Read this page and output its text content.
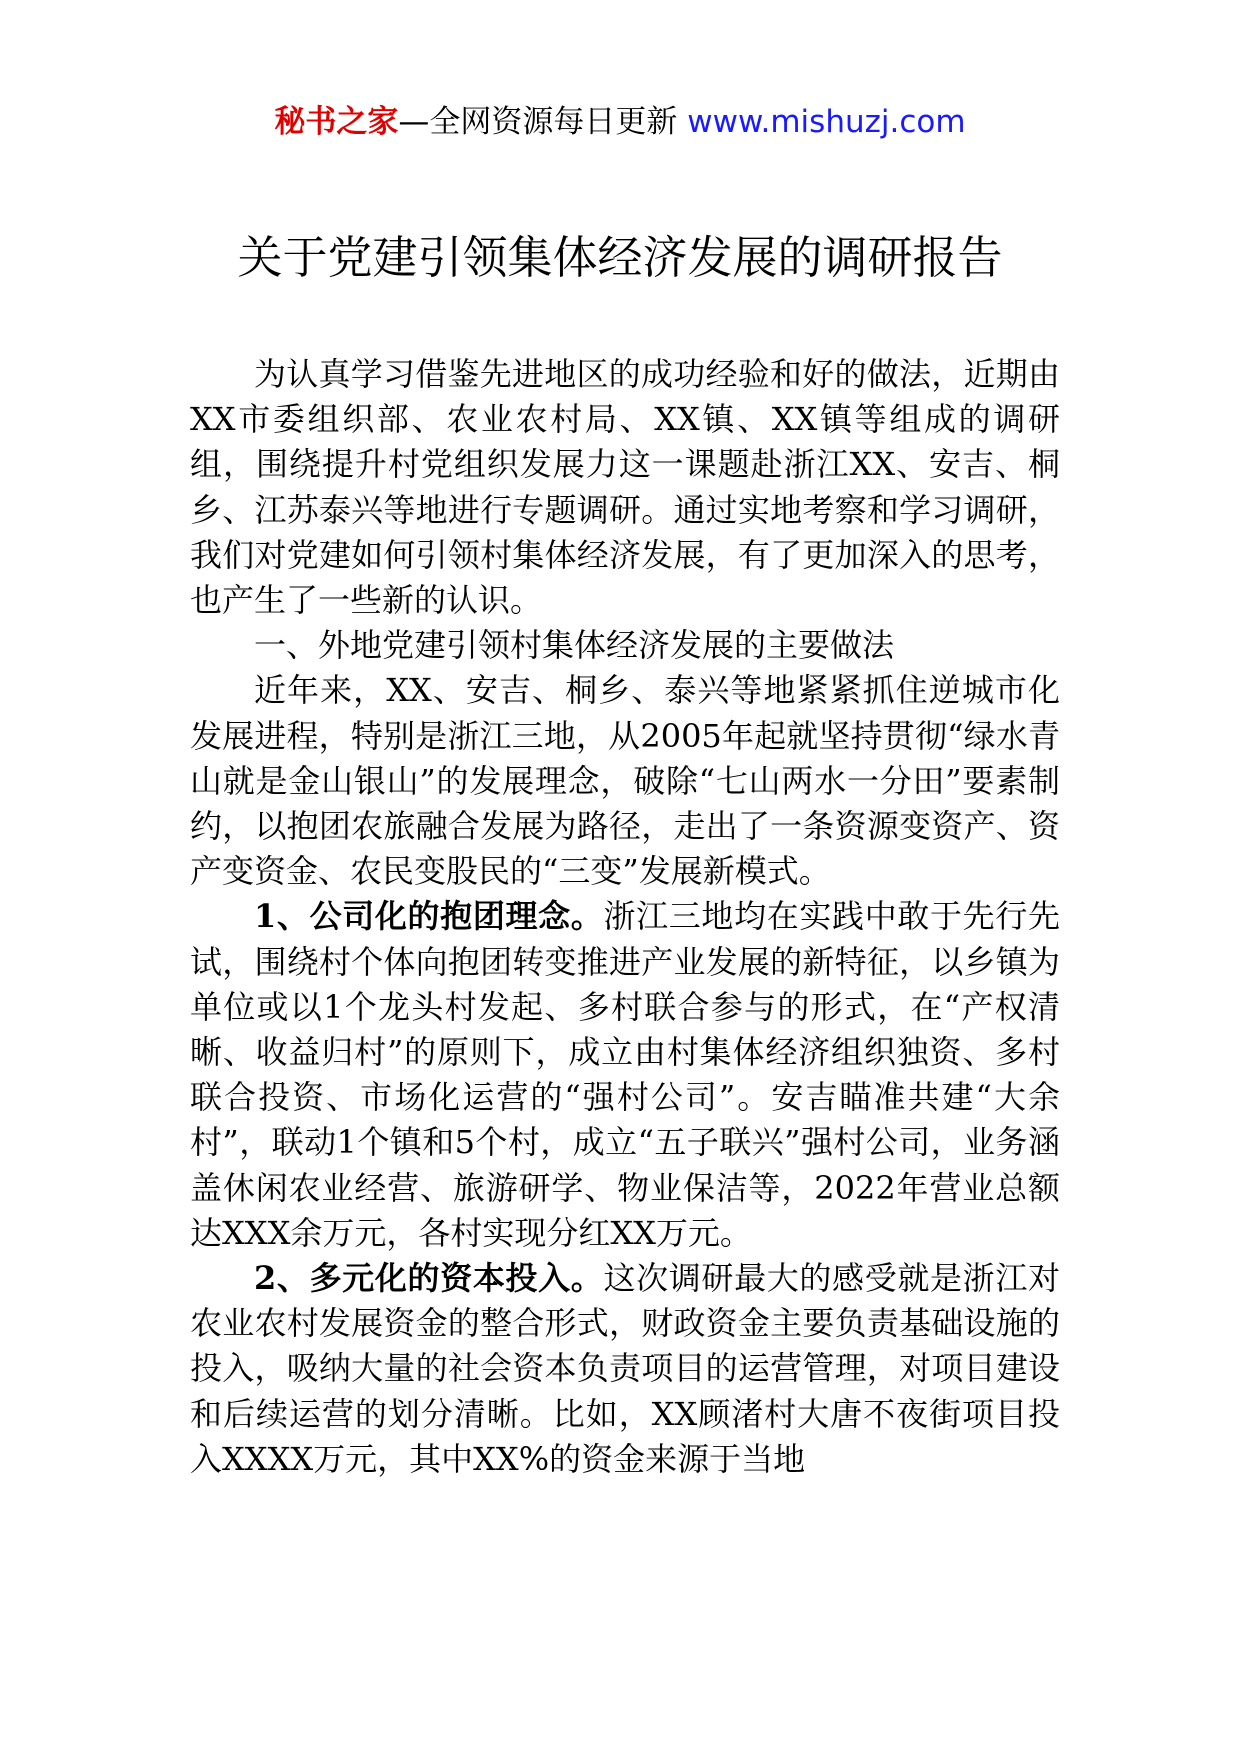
秘书之家—全网资源每日更新 www.mishuzj.com
关于党建引领集体经济发展的调研报告

为认真学习借鉴先进地区的成功经验和好的做法，近期由XX市委组织部、农业农村局、XX镇、XX镇等组成的调研组，围绕提升村党组织发展力这一课题赴浙江XX、安吉、桐乡、江苏泰兴等地进行专题调研。通过实地考察和学习调研，我们对党建如何引领村集体经济发展，有了更加深入的思考，也产生了一些新的认识。

一、外地党建引领村集体经济发展的主要做法

近年来，XX、安吉、桐乡、泰兴等地紧紧抓住逆城市化发展进程，特别是浙江三地，从2005年起就坚持贯彻“绿水青山就是金山银山”的发展理念，破除“七山两水一分田”要素制约，以抱团农旅融合发展为路径，走出了一条资源变资产、资产变资金、农民变股民的“三变”发展新模式。

1、公司化的抱团理念。浙江三地均在实践中敢于先行先试，围绕村个体向抱团转变推进产业发展的新特征，以乡镇为单位或以1个龙头村发起、多村联合参与的形式，在“产权清晰、收益归村”的原则下，成立由村集体经济组织独资、多村联合投资、市场化运营的“强村公司”。安吉瞄准共建“大余村”，联动1个镇和5个村，成立“五子联兴”强村公司，业务涵盖休闲农业经营、旅游研学、物业保洁等，2022年营业总额达XXX余万元，各村实现分红XX万元。

2、多元化的资本投入。这次调研最大的感受就是浙江对农业农村发展资金的整合形式，财政资金主要负责基础设施的投入，吸纳大量的社会资本负责项目的运营管理，对项目建设和后续运营的划分清晰。比如，XX顾渚村大唐不夜街项目投入XXXX万元，其中XX%的资金来源于当地
